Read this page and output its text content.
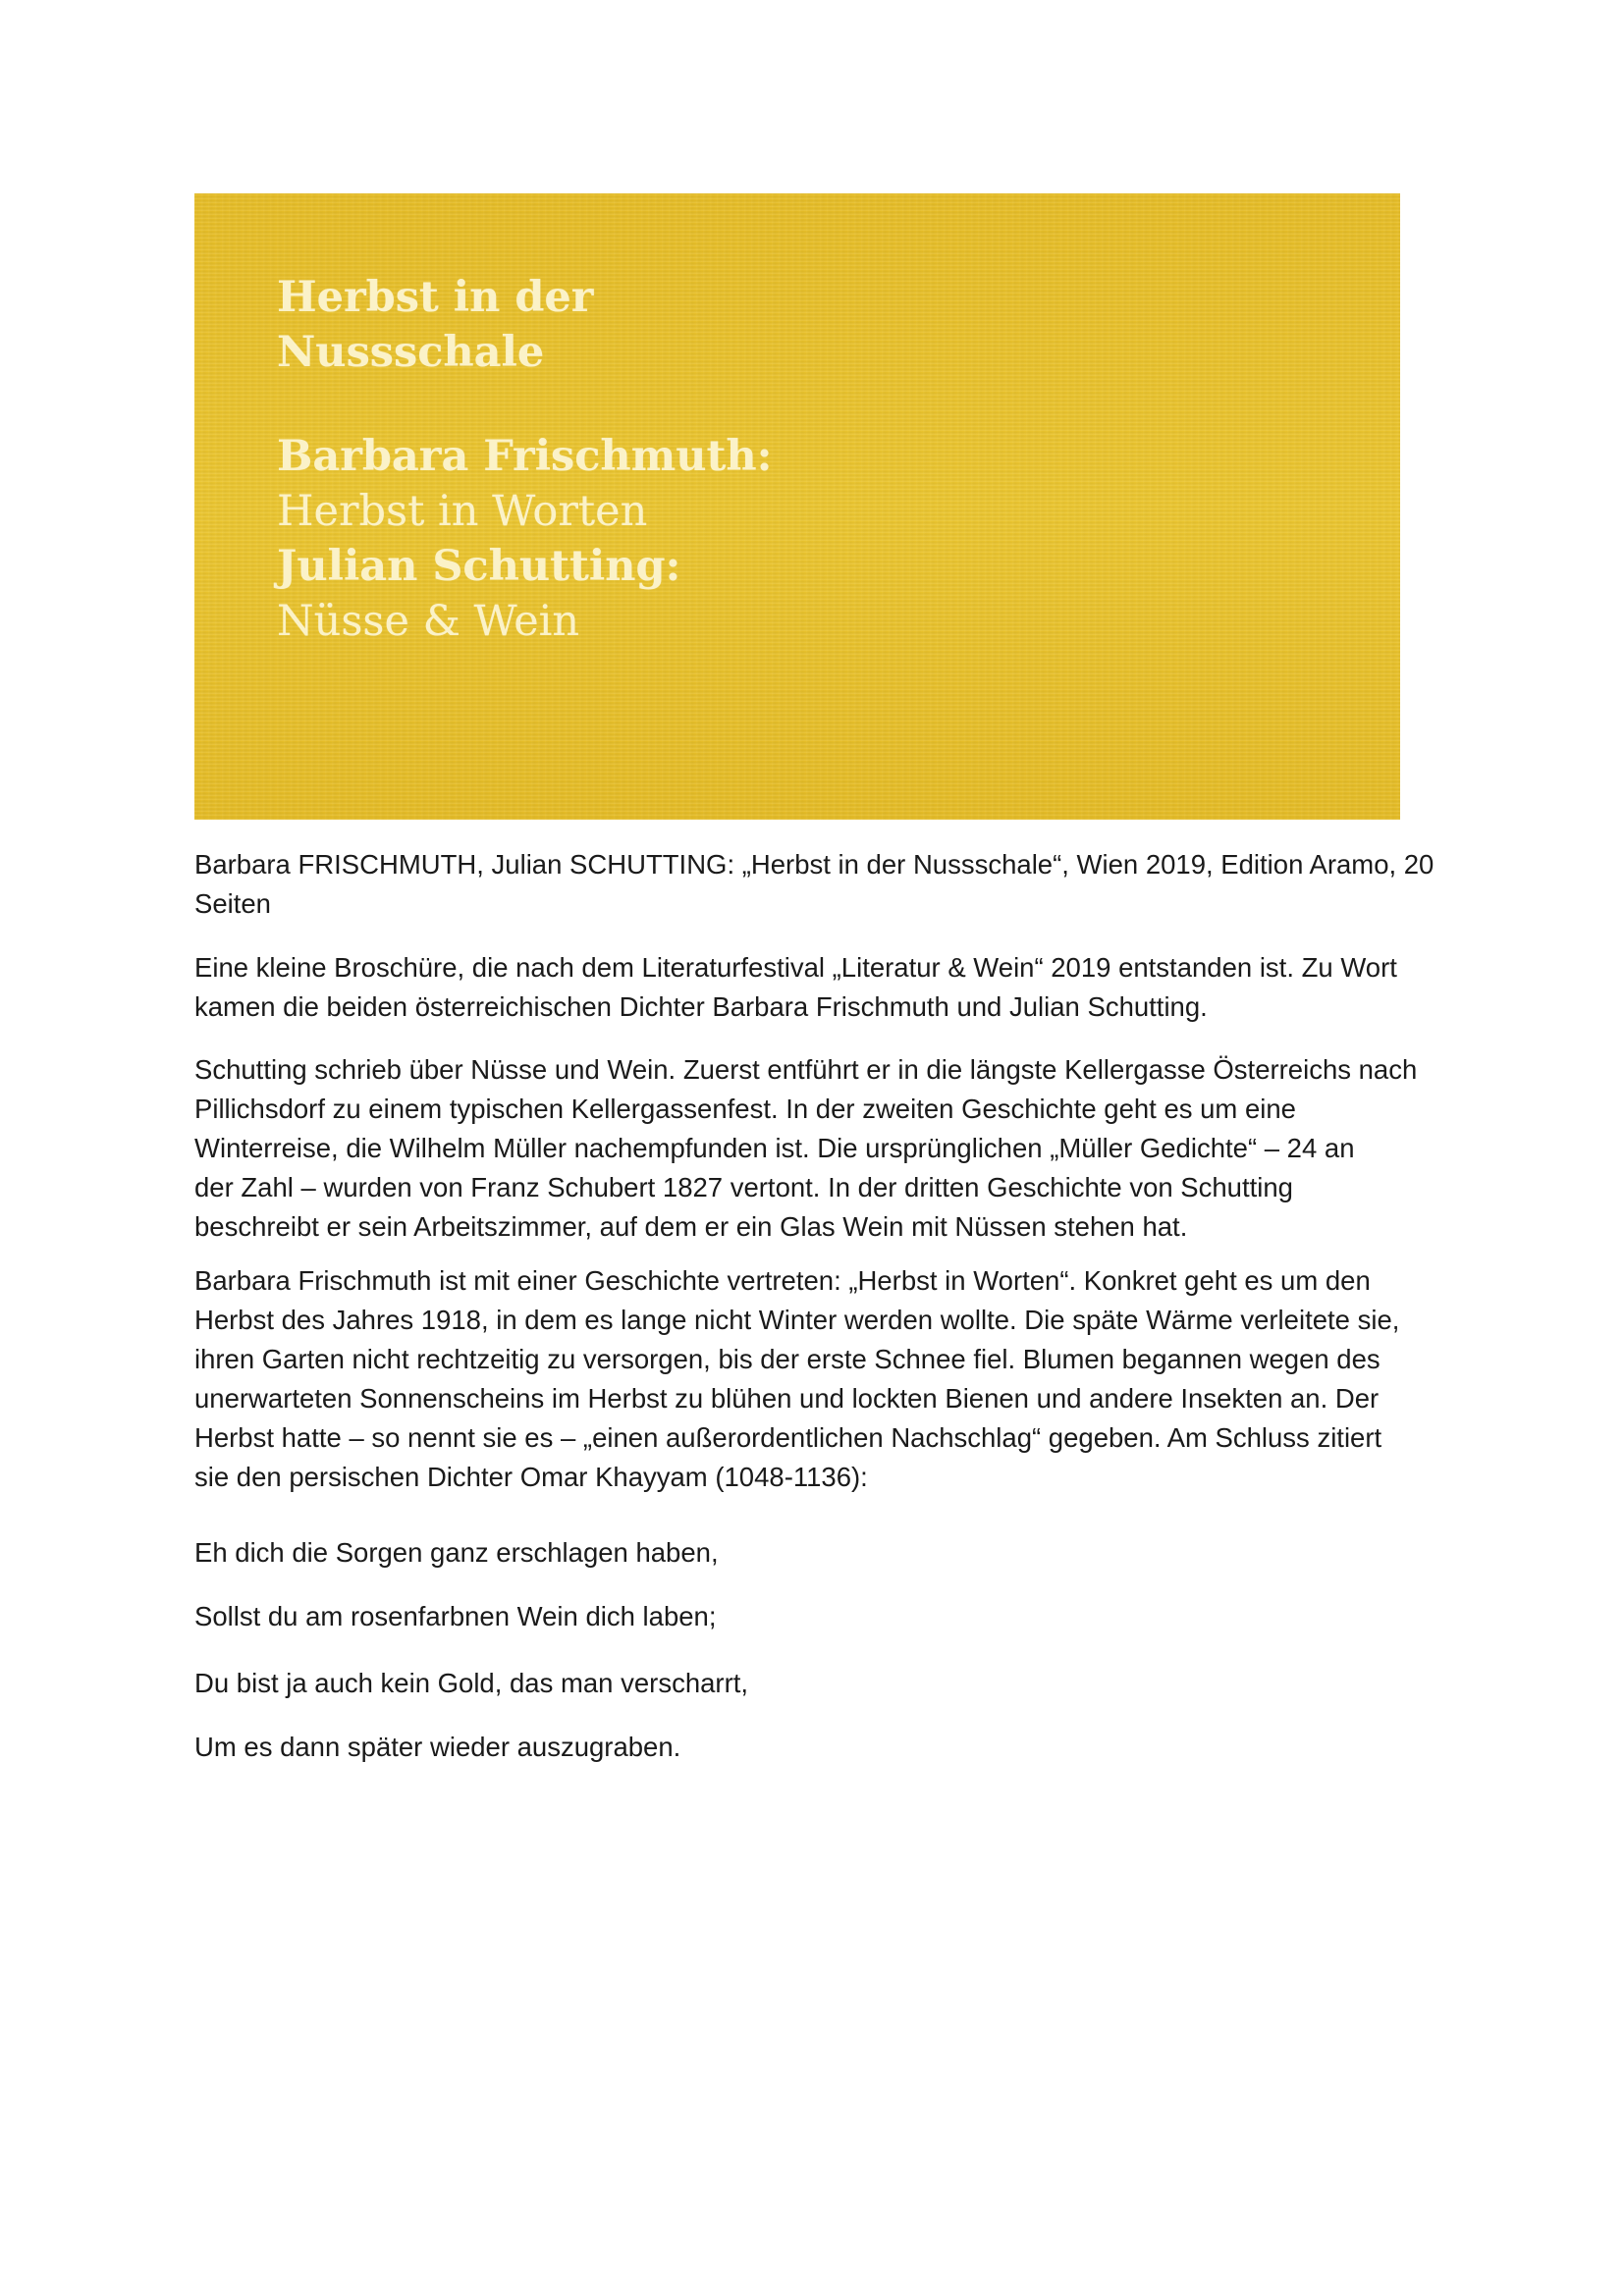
Herbst in der
Nussschale
Barbara Frischmuth:
Herbst in Worten
Julian Schutting:
Nüsse & Wein

Barbara FRISCHMUTH, Julian SCHUTTING: „Herbst in der Nussschale“, Wien 2019, Edition Aramo, 20
Seiten

Eine kleine Broschüre, die nach dem Literaturfestival „Literatur & Wein“ 2019 entstanden ist. Zu Wort
kamen die beiden österreichischen Dichter Barbara Frischmuth und Julian Schutting.

Schutting schrieb über Nüsse und Wein. Zuerst entführt er in die längste Kellergasse Österreichs nach
Pillichsdorf zu einem typischen Kellergassenfest. In der zweiten Geschichte geht es um eine
Winterreise, die Wilhelm Müller nachempfunden ist. Die ursprünglichen „Müller Gedichte“ – 24 an
der Zahl – wurden von Franz Schubert 1827 vertont. In der dritten Geschichte von Schutting
beschreibt er sein Arbeitszimmer, auf dem er ein Glas Wein mit Nüssen stehen hat.

Barbara Frischmuth ist mit einer Geschichte vertreten: „Herbst in Worten“. Konkret geht es um den
Herbst des Jahres 1918, in dem es lange nicht Winter werden wollte. Die späte Wärme verleitete sie,
ihren Garten nicht rechtzeitig zu versorgen, bis der erste Schnee fiel. Blumen begannen wegen des
unerwarteten Sonnenscheins im Herbst zu blühen und lockten Bienen und andere Insekten an. Der
Herbst hatte – so nennt sie es – „einen außerordentlichen Nachschlag“ gegeben. Am Schluss zitiert
sie den persischen Dichter Omar Khayyam (1048-1136):

Eh dich die Sorgen ganz erschlagen haben,
Sollst du am rosenfarbnen Wein dich laben;
Du bist ja auch kein Gold, das man verscharrt,
Um es dann später wieder auszugraben.
